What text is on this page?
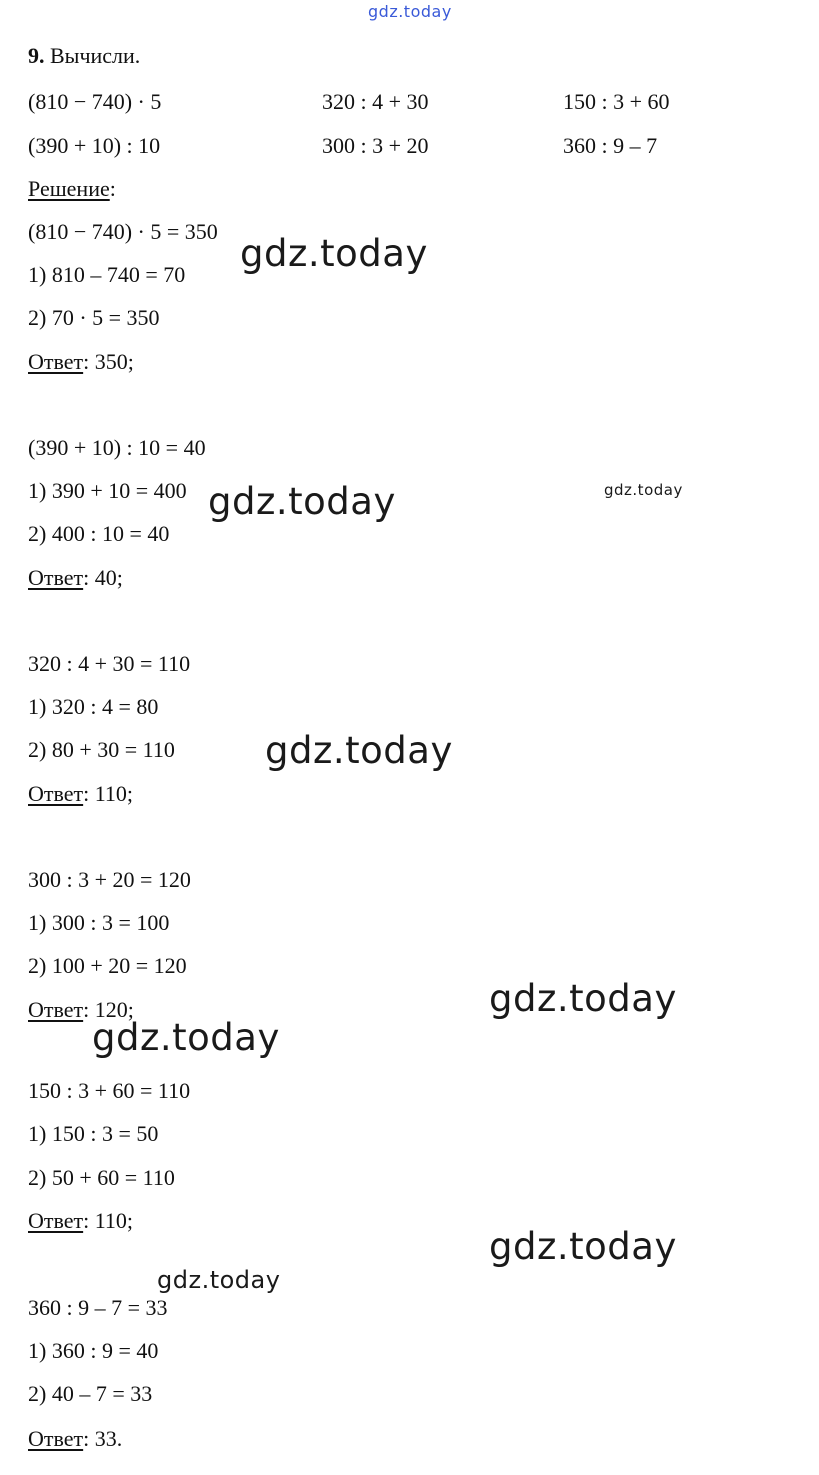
gdz.today
gdz.today
gdz.today	gdz.today
gdz.today
gdz.today
gdz.today
gdz.today
gdz.today
9. Вычисли.
(810 − 740) · 5	320 : 4 + 30	150 : 3 + 60
(390 + 10) : 10	300 : 3 + 20	360 : 9 – 7
Решение:
(810 − 740) · 5 = 350
1) 810 – 740 = 70
2) 70 · 5 = 350
Ответ: 350;
(390 + 10) : 10 = 40
1) 390 + 10 = 400
2) 400 : 10 = 40
Ответ: 40;
320 : 4 + 30 = 110
1) 320 : 4 = 80
2) 80 + 30 = 110
Ответ: 110;
300 : 3 + 20 = 120
1) 300 : 3 = 100
2) 100 + 20 = 120
Ответ: 120;
150 : 3 + 60 = 110
1) 150 : 3 = 50
2) 50 + 60 = 110
Ответ: 110;
360 : 9 – 7 = 33
1) 360 : 9 = 40
2) 40 – 7 = 33
Ответ: 33.
